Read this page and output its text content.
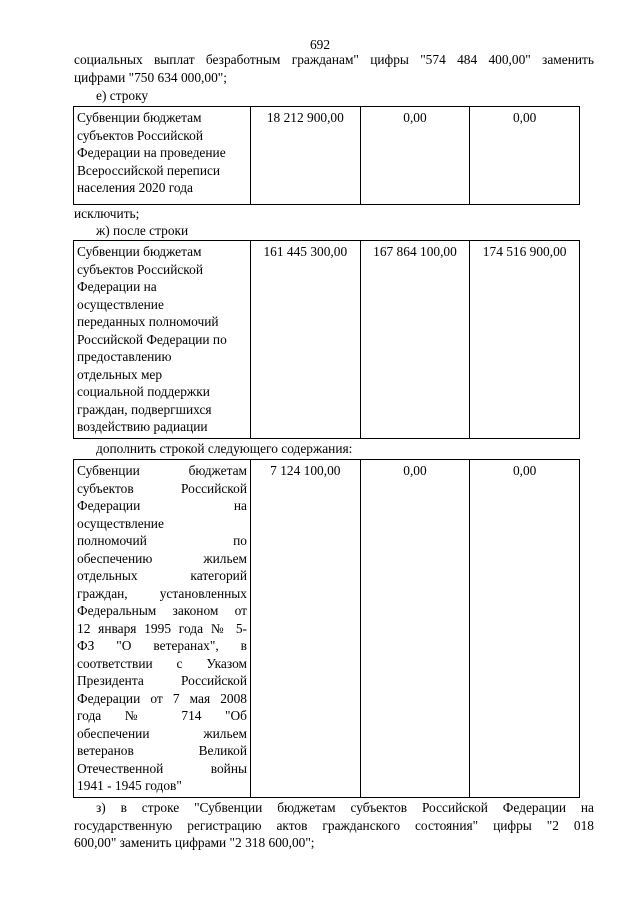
692
социальных выплат безработным гражданам" цифры "574 484 400,00" заменить
цифрами "750 634 000,00";
е) строку
Субвенции бюджетам
субъектов Российской
Федерации на проведение
Всероссийской переписи
населения 2020 года
	18 212 900,00	0,00	0,00
исключить;
ж) после строки
Субвенции бюджетам
субъектов Российской
Федерации на
осуществление
переданных полномочий
Российской Федерации по
предоставлению
отдельных мер
социальной поддержки
граждан, подвергшихся
воздействию радиации
	161 445 300,00	167 864 100,00	174 516 900,00
дополнить строкой следующего содержания:
Субвенции бюджетам
субъектов Российской
Федерации на
осуществление
полномочий по
обеспечению жильем
отдельных категорий
граждан, установленных
Федеральным законом от
12 января 1995 года № 5-
ФЗ "О ветеранах", в
соответствии с Указом
Президента Российской
Федерации от 7 мая 2008
года № 714 "Об
обеспечении жильем
ветеранов Великой
Отечественной войны
1941 - 1945 годов"
	7 124 100,00	0,00	0,00
з) в строке "Субвенции бюджетам субъектов Российской Федерации на
государственную регистрацию актов гражданского состояния" цифры "2 018
600,00" заменить цифрами "2 318 600,00";
